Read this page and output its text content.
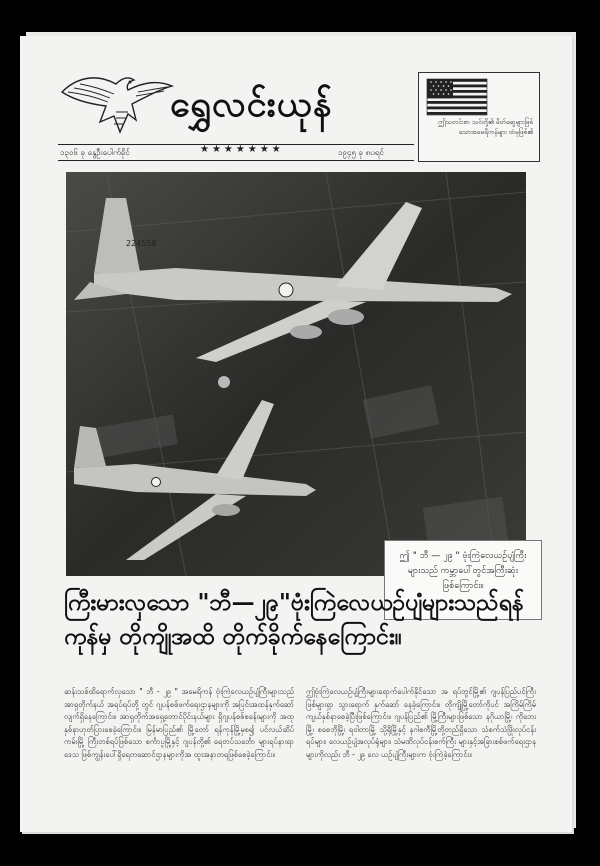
ရွှေလင်းယုန်	ဤသတင်းစာ သင်တို့၏ မိတ်ဆွေများဖြစ် သောအမေရိကန်များ ထံမှဖြစ်၏
၁၃၀၆ ခု နွေဦးပေါက်ခိုင်	★★★★★★★	၁၉၄၅ ခု ၈ပရင်
224558
ဤ " ဘီ — ၂၉ " ဗုံးကြဲလေယဉ်ပျံကြီးများသည် ကမ္ဘာပေါ်တွင်အကြီးဆုံးဖြစ်ကြောင်း။
ကြီးမားလှသော "ဘီ—၂၉"ဗုံးကြဲလေယဉ်ပျံများသည်ရန်ကုန်မှ တိုကျိုအထိ တိုက်ခိုက်နေကြောင်း။
ဆန်းသစ်ထိရောက်လှသော " ဘီ - ၂၉ " အမေရိကန် ဗုံးကြဲလေယဉ်ပျံကြီးများသည် အာရှတိုက်နယ် အရပ်ရပ်တို့ တွင် ဂျပန်စစ်ဖက်ရေးဌာနများကို အပြင်းအထန်နှက်ဆော် လျက်ရှိနေကြောင်း။ အာရှတိုက်အရှေ့တောင်ပိုင်းနယ်များ ရှိဂျပန်စစ်စခန်းများကို အထုနှစ်နာဟုတ်ပြားစေခဲ့ကြောင်း။ မြန်မာပြည်၏ မြို့တော် ရန်ကုန်မြို့မှစ၍ ပင်လယ်ဆိပ်ကမ်းမြို့ ကြီးတစ်ရပ်ဖြစ်သော စင်္ကာပူမြို့နှင့် ဂျပန်တို့၏ ရေတပ်သင်္ဘော များရပ်နားရာဒေသ ဖြစ်ကျွန်းပေါ်ရှိရေတဆောင်ဌာနများကိုအ ထူးအနာတရဖြစ်စေခဲ့ကြောင်း။
ဤဗုံးကြဲလေယဉ်ပျံကြီးများရောက်ပေါက်နိုင်သော အ ရပ်တွင်မြို့၏ ဂျပန်ပြည်ပင်ကြီးဖြစ်များရှာ သွားရောက် နှက်ဆော် နေခဲ့ကြောင်း။ တိုကျိုမြို့တော်ကိုပင် အကြိမ်ကြိမ် ကျယ်နှစ်နာစေခဲ့ပြီးဖြစ်ကြောင်း။ ဂျပန်ပြည်၏ မြို့ကြီးများဖြစ်သော နဂိုယာမြို့၊ ကိုဘေးမြို့၊ စစေဘိုမြို့၊ ရဝါတာမြို့ သို့ရိုမြို့နှင့် နဂါစကီမြို့တို့တည်ရှိသော သံစက်သံဖြိုးလုပ်ငန်း ရပ်များ၊ လေယဉ်ပျံအလုပ်ရုံများ၊ သံမဏိလုပ်ငန်းစက်ကြီး များနှင့်အခြားစစ်ဖက်ရေးဌာနများကိုလည်း ဘီ - ၂၉ လေ ယဉ်ပျံကြီးများက ဗုံးကြဲခဲ့ကြောင်း။
